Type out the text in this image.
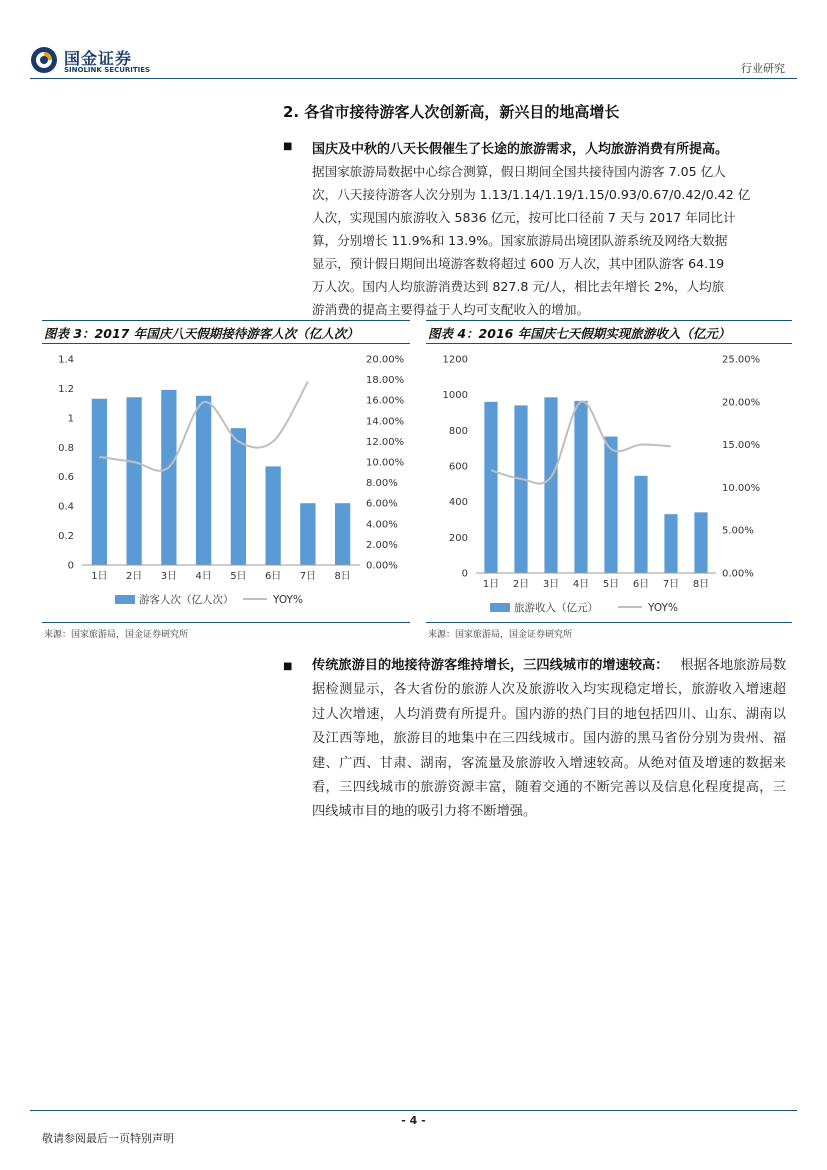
国金证券
SINOLINK SECURITIES	行业研究
2. 各省市接待游客人次创新高，新兴目的地高增长
■ 国庆及中秋的八天长假催生了长途的旅游需求，人均旅游消费有所提高。
据国家旅游局数据中心综合测算，假日期间全国共接待国内游客 7.05 亿人
次，八天接待游客人次分别为 1.13/1.14/1.19/1.15/0.93/0.67/0.42/0.42 亿
人次，实现国内旅游收入 5836 亿元，按可比口径前 7 天与 2017 年同比计
算，分别增长 11.9%和 13.9%。国家旅游局出境团队游系统及网络大数据
显示，预计假日期间出境游客数将超过 600 万人次，其中团队游客 64.19
万人次。国内人均旅游消费达到 827.8 元/人，相比去年增长 2%，人均旅
游消费的提高主要得益于人均可支配收入的增加。
图表 3：2017 年国庆八天假期接待游客人次（亿人次）
0
0.2
0.4
0.6
0.8
1
1.2
1.4
0.00%
2.00%
4.00%
6.00%
8.00%
10.00%
12.00%
14.00%
16.00%
18.00%
20.00%
1日 2日 3日 4日 5日 6日 7日 8日
游客人次（亿人次）	YOY%
来源：国家旅游局，国金证券研究所
图表 4：2016 年国庆七天假期实现旅游收入（亿元）
0
200
400
600
800
1000
1200
0.00%
5.00%
10.00%
15.00%
20.00%
25.00%
1日 2日 3日 4日 5日 6日 7日 8日
旅游收入（亿元）	YOY%
来源：国家旅游局，国金证券研究所
■ 传统旅游目的地接待游客维持增长，三四线城市的增速较高： 根据各地旅游局数据检测显示，各大省份的旅游人次及旅游收入均实现稳定增长，旅游收入增速超过人次增速，人均消费有所提升。国内游的热门目的地包括四川、山东、湖南以及江西等地，旅游目的地集中在三四线城市。国内游的黑马省份分别为贵州、福建、广西、甘肃、湖南，客流量及旅游收入增速较高。从绝对值及增速的数据来看，三四线城市的旅游资源丰富，随着交通的不断完善以及信息化程度提高，三四线城市目的地的吸引力将不断增强。
- 4 -
敬请参阅最后一页特别声明
